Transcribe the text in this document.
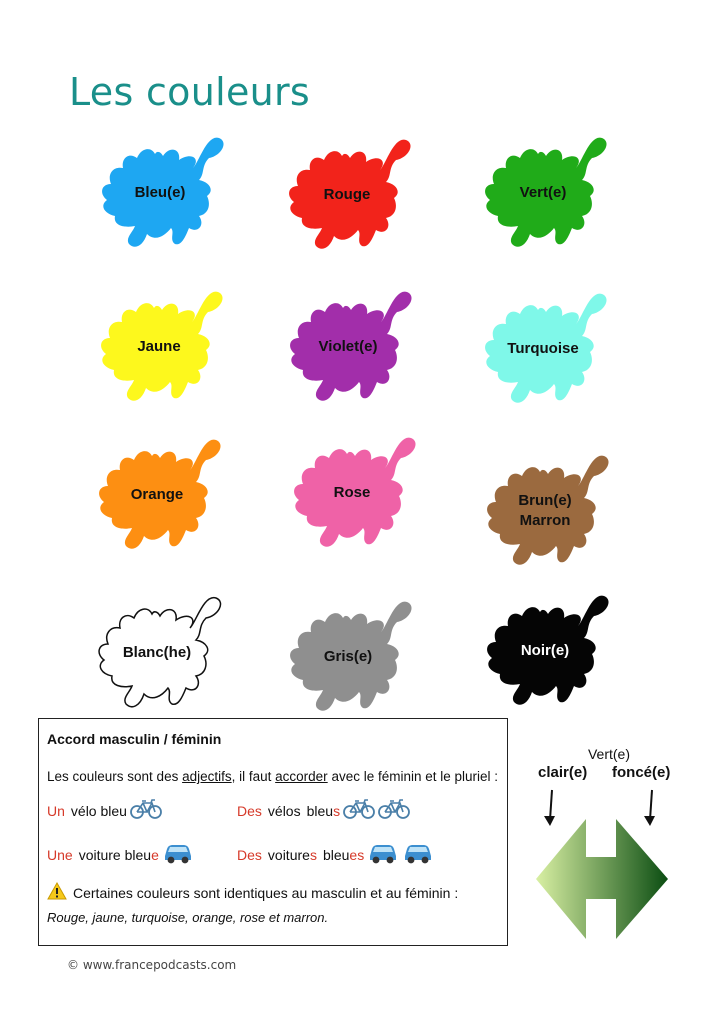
Les couleurs
Bleu(e)	Rouge	Vert(e)
Jaune	Violet(e)	Turquoise
Orange	Rose	Brun(e)
Marron
Blanc(he)	Gris(e)	Noir(e)
Accord masculin / féminin
Les couleurs sont des adjectifs, il faut accorder avec le féminin et le pluriel :
Un vélo bleu	Des vélo s bleu s
Une voiture bleu e	Des voiture s bleu es
Certaines couleurs sont identiques au masculin et au féminin :
Rouge, jaune, turquoise, orange, rose et marron.
Vert(e)
clair(e) foncé(e)
© www.francepodcasts.com
